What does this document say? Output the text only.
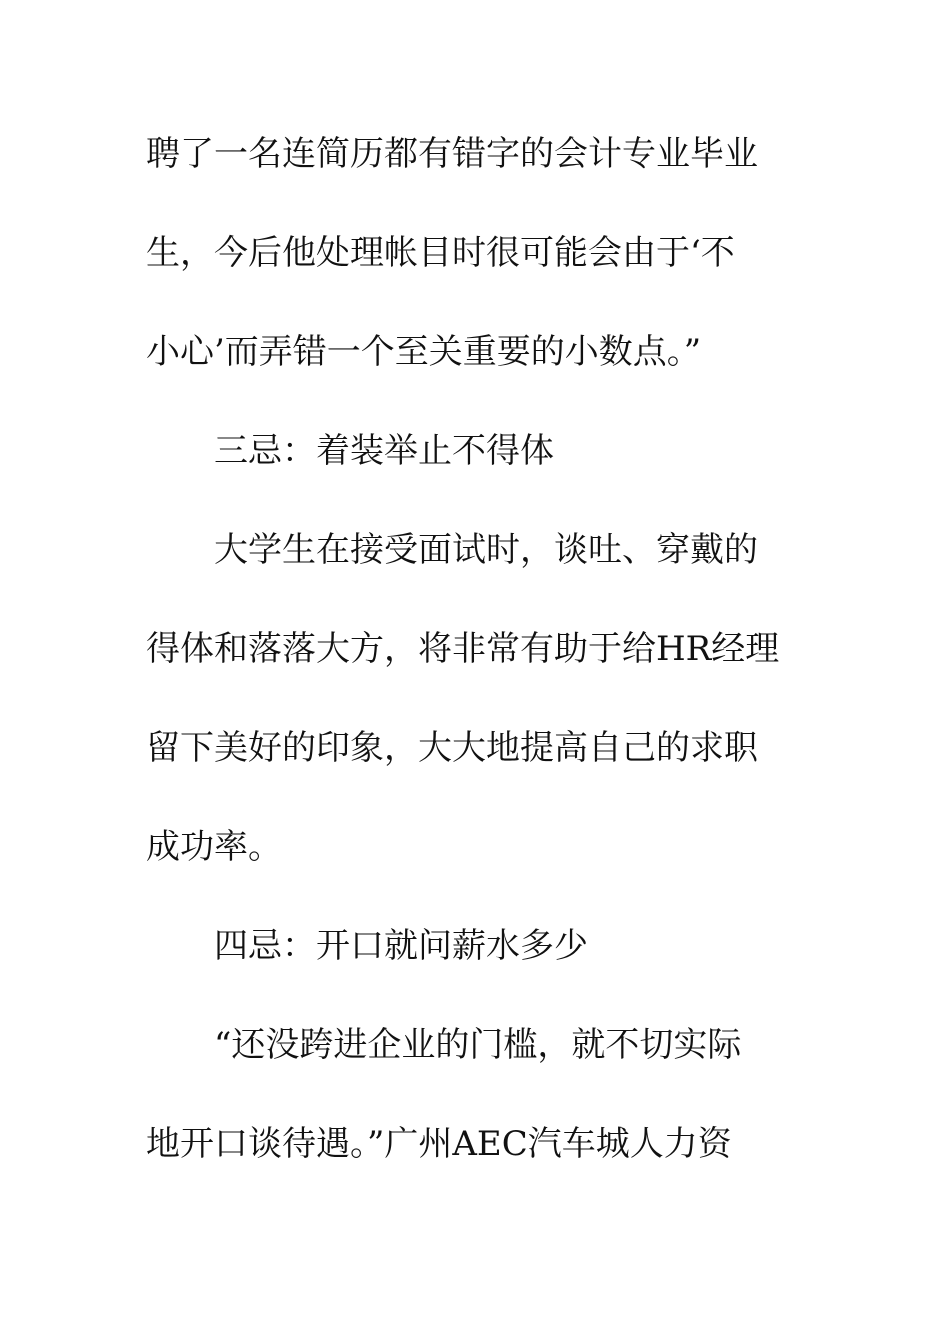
聘了一名连简历都有错字的会计专业毕业
生，今后他处理帐目时很可能会由于‘不
小心’而弄错一个至关重要的小数点。”
三忌：着装举止不得体
大学生在接受面试时，谈吐、穿戴的
得体和落落大方，将非常有助于给HR经理
留下美好的印象，大大地提高自己的求职
成功率。
四忌：开口就问薪水多少
“还没跨进企业的门槛，就不切实际
地开口谈待遇。”广州AEC汽车城人力资
